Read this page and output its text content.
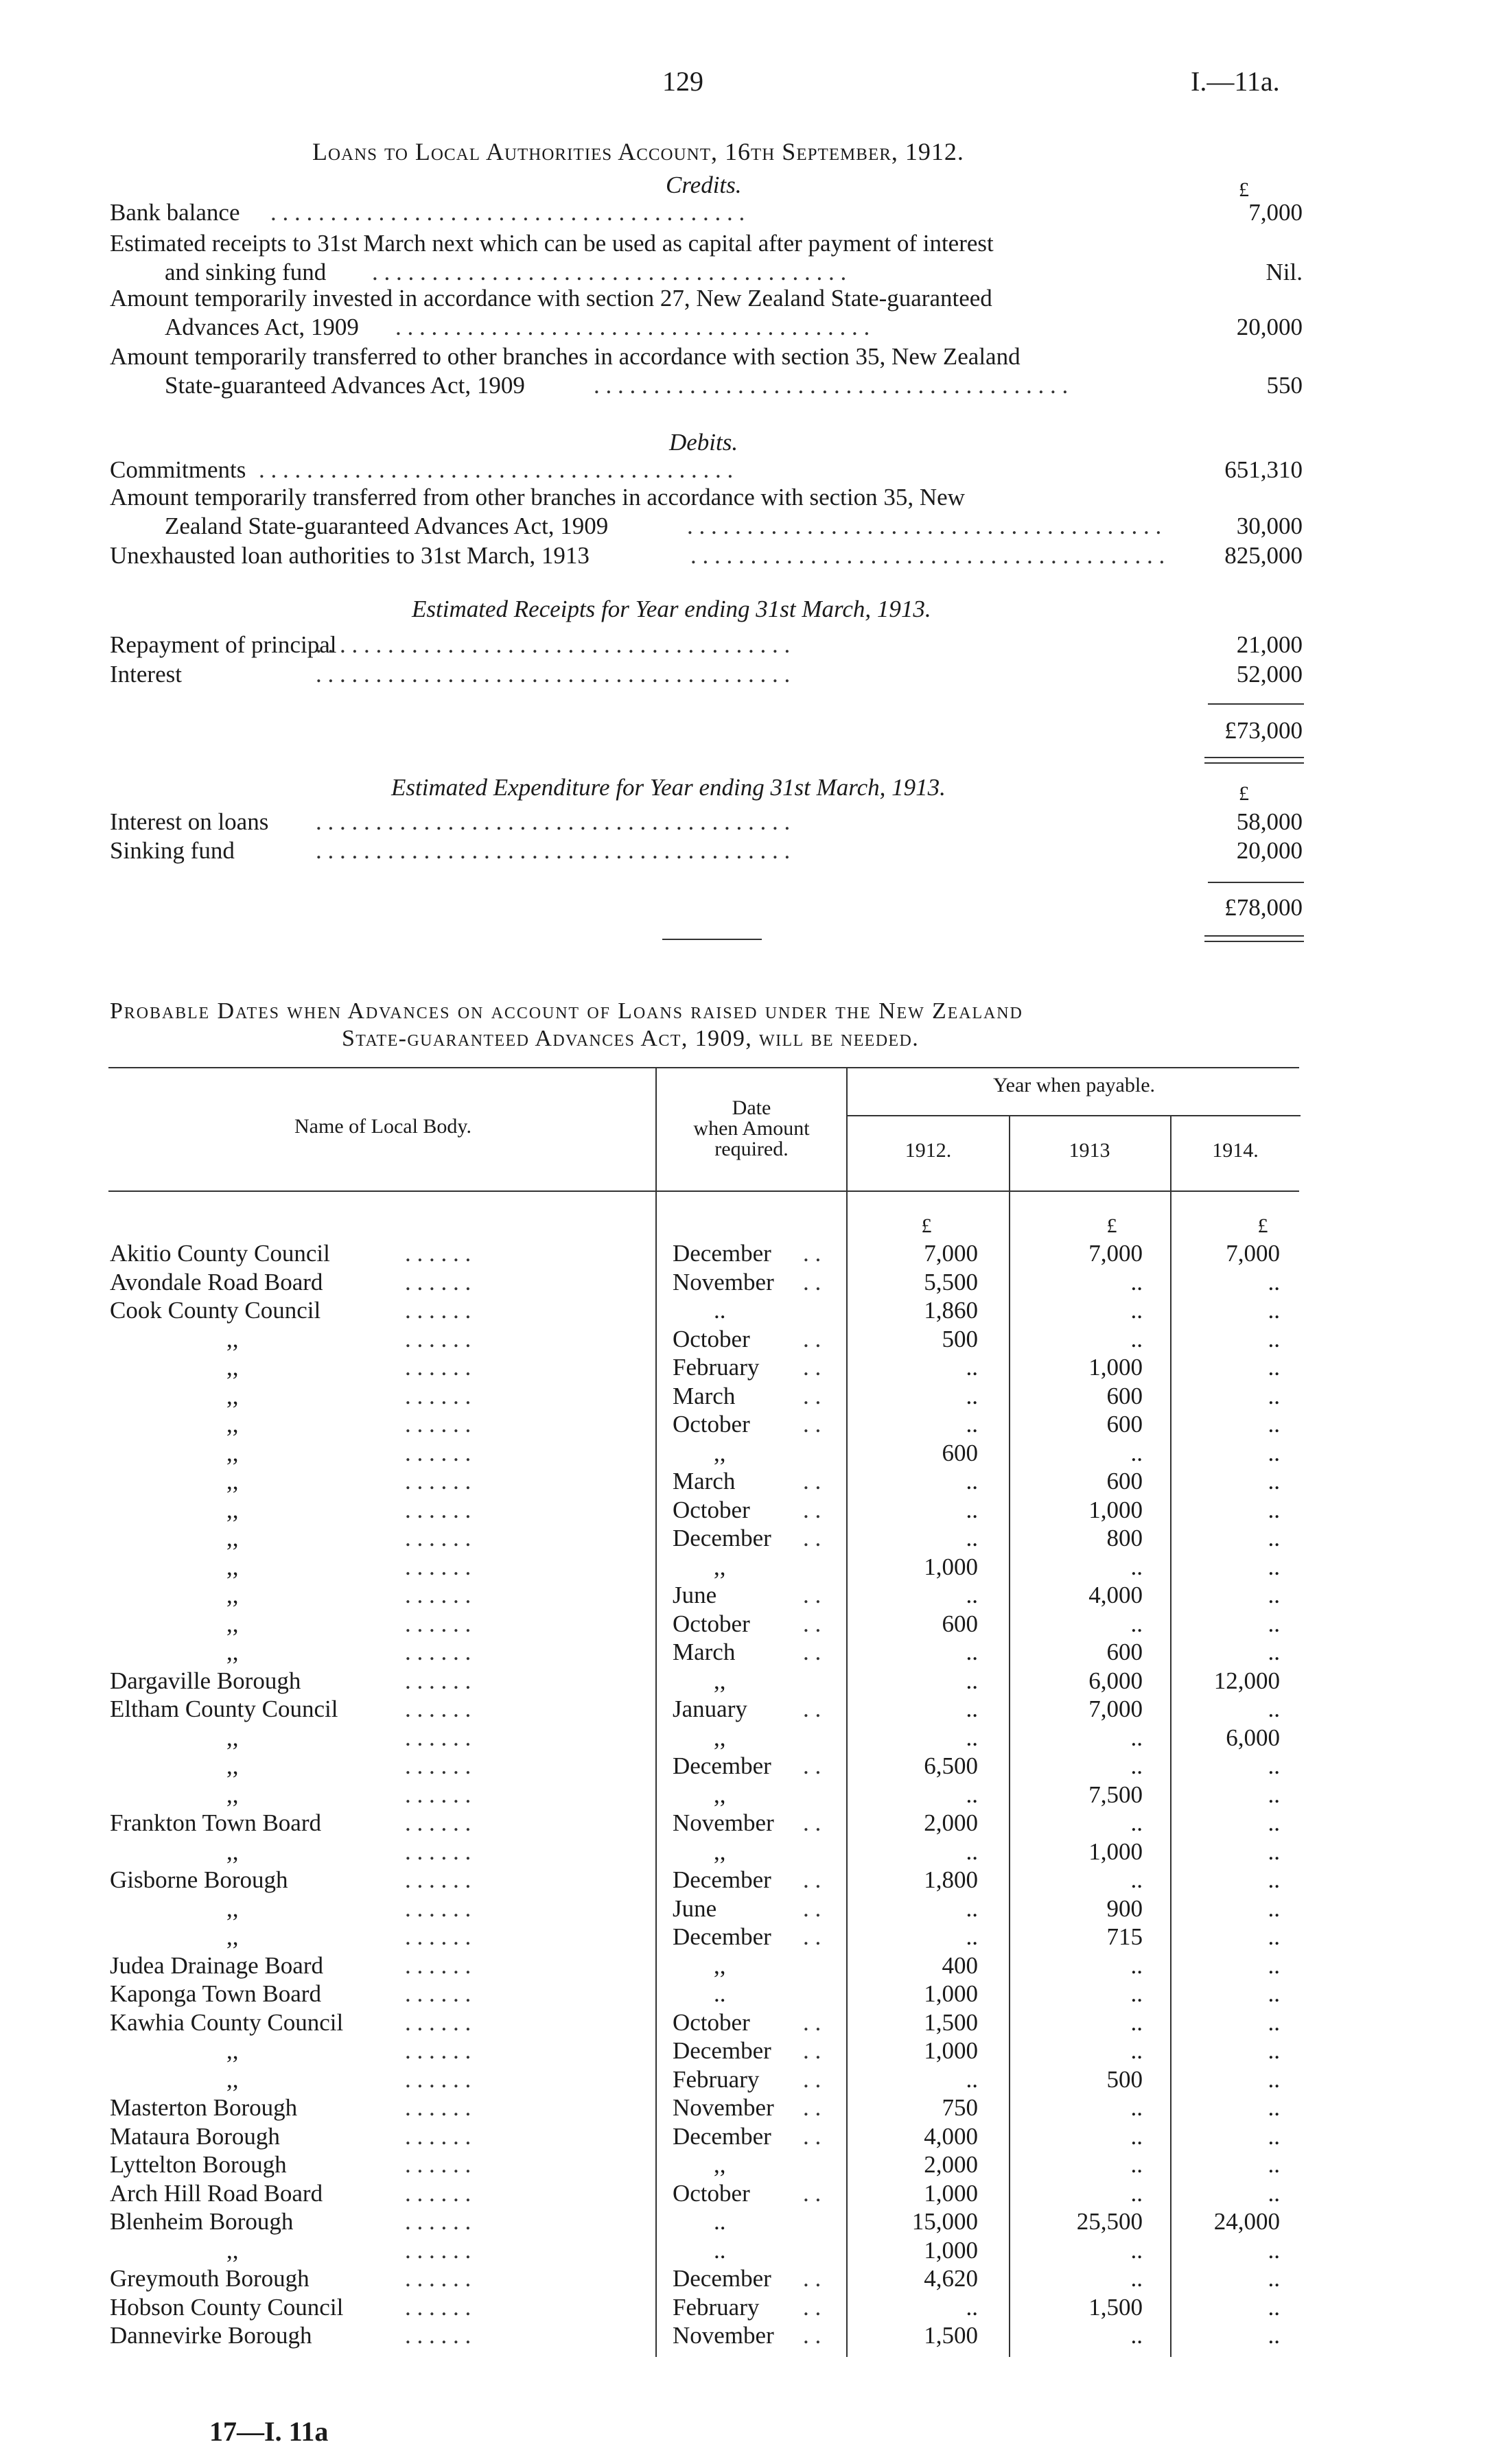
129	I.—11a.
Loans to Local Authorities Account, 16th September, 1912.
Credits.	£
Bank balance . . . . . . . . . . . . . . . . . . . . . . . . . . . . . . . . . . . . . . . .	7,000
Estimated receipts to 31st March next which can be used as capital after payment of interest
and sinking fund . . . . . . . . . . . . . . . . . . . . . . . . . . . . . . . . . . . . . . . .	Nil.
Amount temporarily invested in accordance with section 27, New Zealand State-guaranteed
Advances Act, 1909 . . . . . . . . . . . . . . . . . . . . . . . . . . . . . . . . . . . . . . . .	20,000
Amount temporarily transferred to other branches in accordance with section 35, New Zealand
State-guaranteed Advances Act, 1909	. . . . . . . . . . . . . . . . . . . . . . . . . . . . . . . . . . . . . . . .	550
Debits.
Commitments . . . . . . . . . . . . . . . . . . . . . . . . . . . . . . . . . . . . . . . .	651,310
Amount temporarily transferred from other branches in accordance with section 35, New
Zealand State-guaranteed Advances Act, 1909	. . . . . . . . . . . . . . . . . . . . . . . . . . . . . . . . . . . . . . . .	30,000
Unexhausted loan authorities to 31st March, 1913	. . . . . . . . . . . . . . . . . . . . . . . . . . . . . . . . . . . . . . . .	825,000
Estimated Receipts for Year ending 31st March, 1913.
Repayment of principal
. . . . . . . . . . . . . . . . . . . . . . . . . . . . . . . . . . . . . . . .	21,000
Interest	. . . . . . . . . . . . . . . . . . . . . . . . . . . . . . . . . . . . . . . .	52,000
£73,000
Estimated Expenditure for Year ending 31st March, 1913.	£
Interest on loans . . . . . . . . . . . . . . . . . . . . . . . . . . . . . . . . . . . . . . . .	58,000
Sinking fund	. . . . . . . . . . . . . . . . . . . . . . . . . . . . . . . . . . . . . . . .	20,000
£78,000
Probable Dates when Advances on account of Loans raised under the New Zealand
State-guaranteed Advances Act, 1909, will be needed.
Name of Local Body.
Date
when Amount
required.
Year when payable.
1912.	1913	1914.
£	£	£
Akitio County Council	. . . . . .	December . .	7,000	7,000	7,000
Avondale Road Board	. . . . . .	November . .	5,500	..	..
Cook County Council	. . . . . .	..	1,860	..	..
,,	. . . . . .	October . .	500	..	..
,,	. . . . . .	February . .	..	1,000	..
,,	. . . . . .	March	. .	..	600	..
,,	. . . . . .	October . .	..	600	..
,,	. . . . . .	,,	600	..	..
,,	. . . . . .	March	. .	..	600	..
,,	. . . . . .	October . .	..	1,000	..
,,	. . . . . .	December . .	..	800	..
,,	. . . . . .	,,	1,000	..	..
,,	. . . . . .	June	. .	..	4,000	..
,,	. . . . . .	October . .	600	..	..
,,	. . . . . .	March	. .	..	600	..
Dargaville Borough	. . . . . .	,,	..	6,000	12,000
Eltham County Council	. . . . . .	January . .	..	7,000	..
,,	. . . . . .	,,	..	..	6,000
,,	. . . . . .	December . .	6,500	..	..
,,	. . . . . .	,,	..	7,500	..
Frankton Town Board	. . . . . .	November . .	2,000	..	..
,,	. . . . . .	,,	..	1,000	..
Gisborne Borough	. . . . . .	December . .	1,800	..	..
,,	. . . . . .	June	. .	..	900	..
,,	. . . . . .	December . .	..	715	..
Judea Drainage Board	. . . . . .	,,	400	..	..
Kaponga Town Board	. . . . . .	..	1,000	..	..
Kawhia County Council	. . . . . .	October . .	1,500	..	..
,,	. . . . . .	December . .	1,000	..	..
,,	. . . . . .	February . .	..	500	..
Masterton Borough	. . . . . .	November . .	750	..	..
Mataura Borough	. . . . . .	December . .	4,000	..	..
Lyttelton Borough	. . . . . .	,,	2,000	..	..
Arch Hill Road Board	. . . . . .	October . .	1,000	..	..
Blenheim Borough	. . . . . .	..	15,000	25,500	24,000
,,	. . . . . .	..	1,000	..	..
Greymouth Borough	. . . . . .	December . .	4,620	..	..
Hobson County Council	. . . . . .	February . .	..	1,500	..
Dannevirke Borough	. . . . . .	November . .	1,500	..	..
17—I. 11a
